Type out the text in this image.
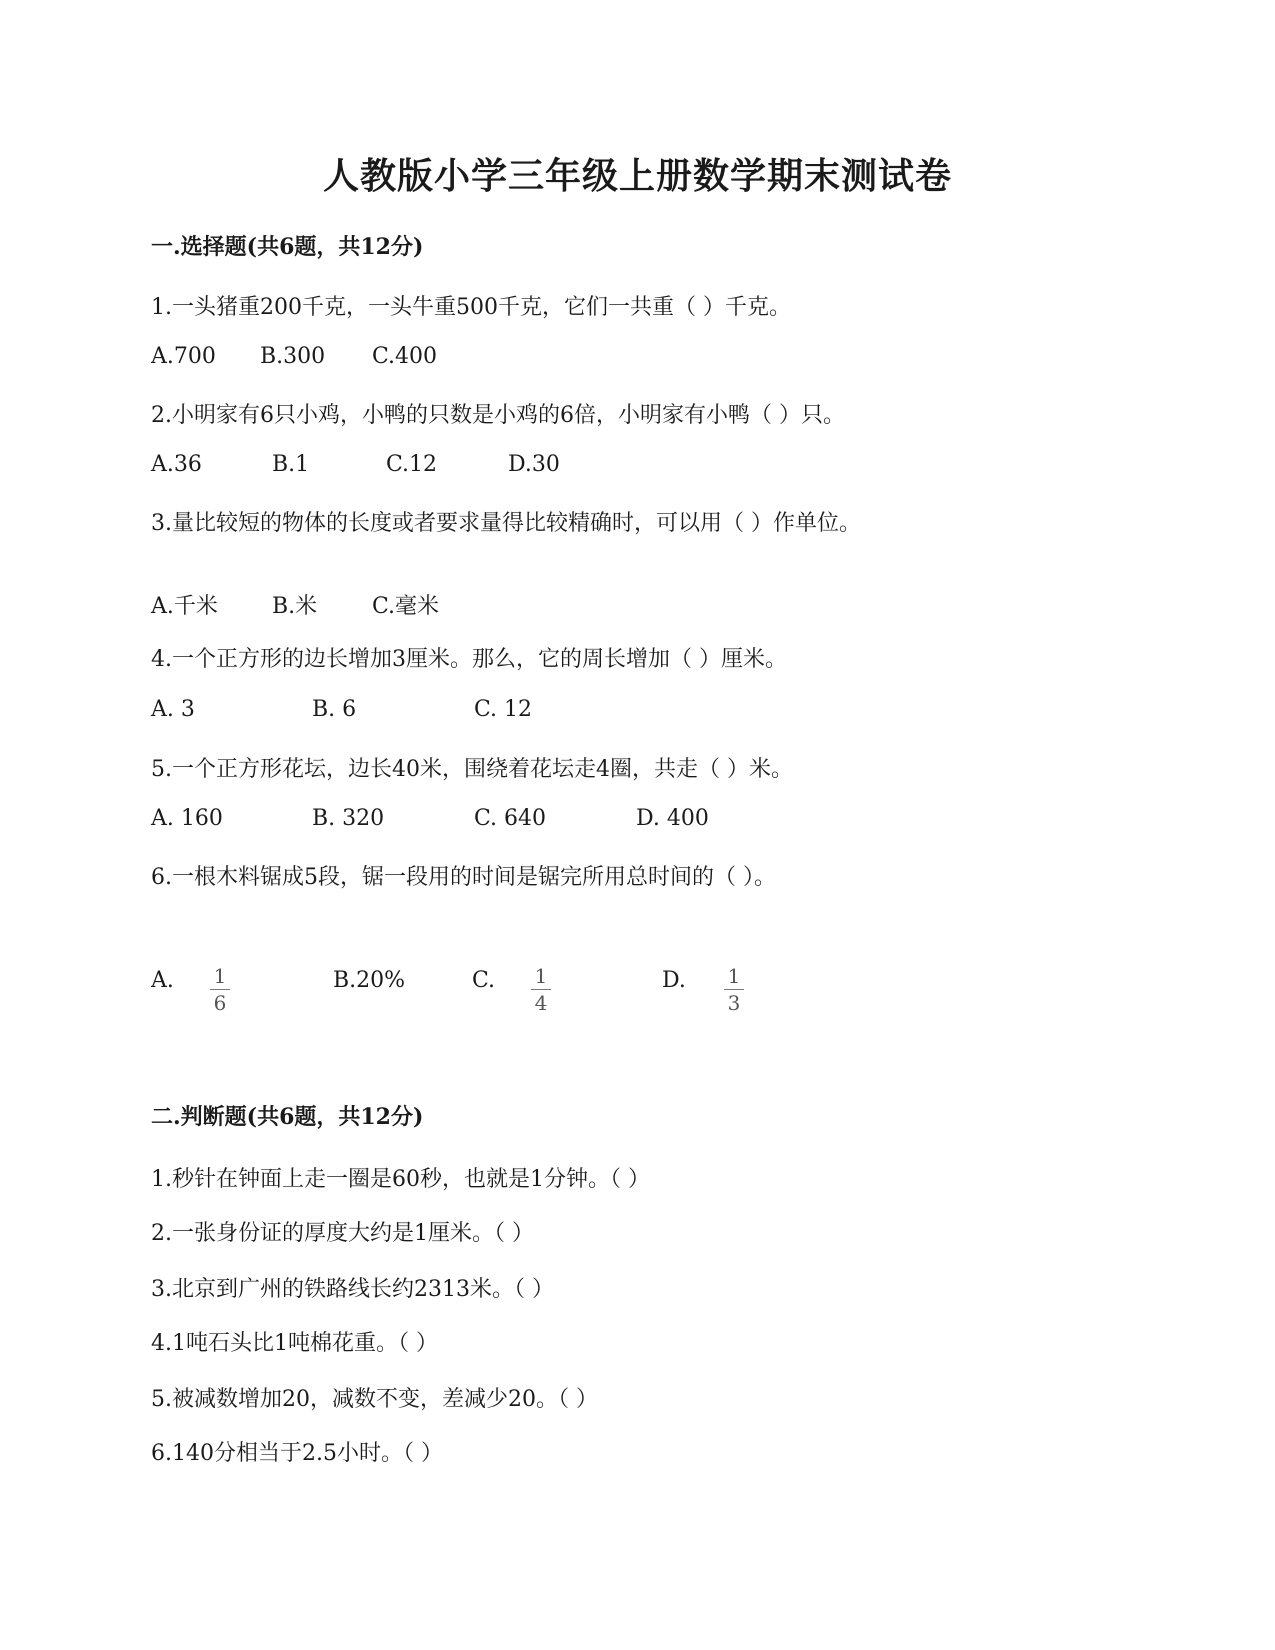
人教版小学三年级上册数学期末测试卷
一.选择题(共6题，共12分)
1.一头猪重200千克，一头牛重500千克，它们一共重（ ）千克。
A.700 B.300 C.400
2.小明家有6只小鸡，小鸭的只数是小鸡的6倍，小明家有小鸭（ ）只。
A.36	B.1	C.12	D.30
3.量比较短的物体的长度或者要求量得比较精确时，可以用（ ）作单位。
A.千米 B.米 C.毫米
4.一个正方形的边长增加3厘米。那么，它的周长增加（ ）厘米。
A. 3	B. 6	C. 12
5.一个正方形花坛，边长40米，围绕着花坛走4圈，共走（ ）米。
A. 160	B. 320	C. 640	D. 400
6.一根木料锯成5段，锯一段用的时间是锯完所用总时间的（ ）。
A.	B.20%	C.	D.
1
6
1
4
1
3
二.判断题(共6题，共12分)
1.秒针在钟面上走一圈是60秒，也就是1分钟。（ ）
2.一张身份证的厚度大约是1厘米。（ ）
3.北京到广州的铁路线长约2313米。（ ）
4.1吨石头比1吨棉花重。（ ）
5.被减数增加20，减数不变，差减少20。（ ）
6.140分相当于2.5小时。（ ）
